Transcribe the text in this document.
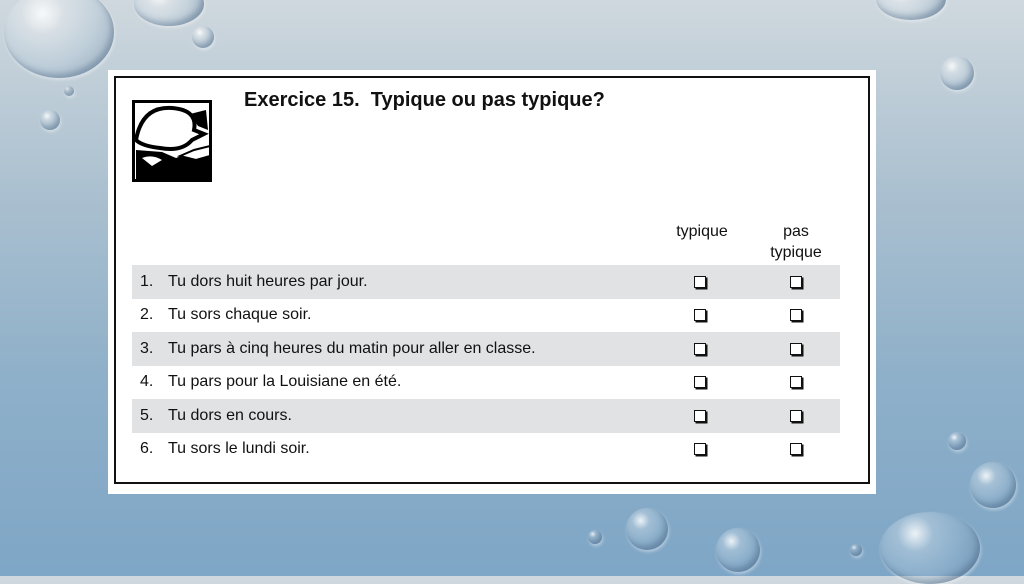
Exercice 15.  Typique ou pas typique?
typique	pas typique
1. Tu dors huit heures par jour.
2. Tu sors chaque soir.
3. Tu pars à cinq heures du matin pour aller en classe.
4. Tu pars pour la Louisiane en été.
5. Tu dors en cours.
6. Tu sors le lundi soir.
